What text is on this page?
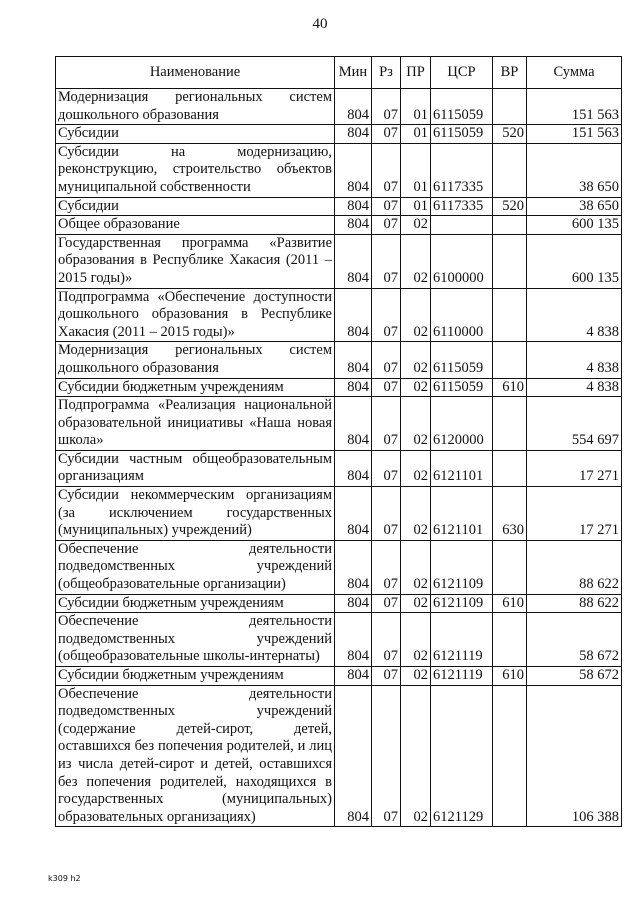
40
Наименование	Мин	Рз	ПР	ЦСР	ВР	Сумма
Модернизация региональных систем дошкольного образования	804	07	01	6115059		151 563
Субсидии	804	07	01	6115059	520	151 563
Субсидии на модернизацию, реконструкцию, строительство объектов муниципальной собственности	804	07	01	6117335		38 650
Субсидии	804	07	01	6117335	520	38 650
Общее образование	804	07	02			600 135
Государственная программа «Развитие образования в Республике Хакасия (2011 – 2015 годы)»	804	07	02	6100000		600 135
Подпрограмма «Обеспечение доступности дошкольного образования в Республике Хакасия (2011 – 2015 годы)»	804	07	02	6110000		4 838
Модернизация региональных систем дошкольного образования	804	07	02	6115059		4 838
Субсидии бюджетным учреждениям	804	07	02	6115059	610	4 838
Подпрограмма «Реализация национальной образовательной инициативы «Наша новая школа»	804	07	02	6120000		554 697
Субсидии частным общеобразовательным организациям	804	07	02	6121101		17 271
Субсидии некоммерческим организациям (за исключением государственных (муниципальных) учреждений)	804	07	02	6121101	630	17 271
Обеспечение деятельности подведомственных учреждений (общеобразовательные организации)	804	07	02	6121109		88 622
Субсидии бюджетным учреждениям	804	07	02	6121109	610	88 622
Обеспечение деятельности подведомственных учреждений (общеобразовательные школы-интернаты)	804	07	02	6121119		58 672
Субсидии бюджетным учреждениям	804	07	02	6121119	610	58 672
Обеспечение деятельности подведомственных учреждений (содержание детей-сирот, детей, оставшихся без попечения родителей, и лиц из числа детей-сирот и детей, оставшихся без попечения родителей, находящихся в государственных (муниципальных) образовательных организациях)	804	07	02	6121129		106 388
k309 h2
